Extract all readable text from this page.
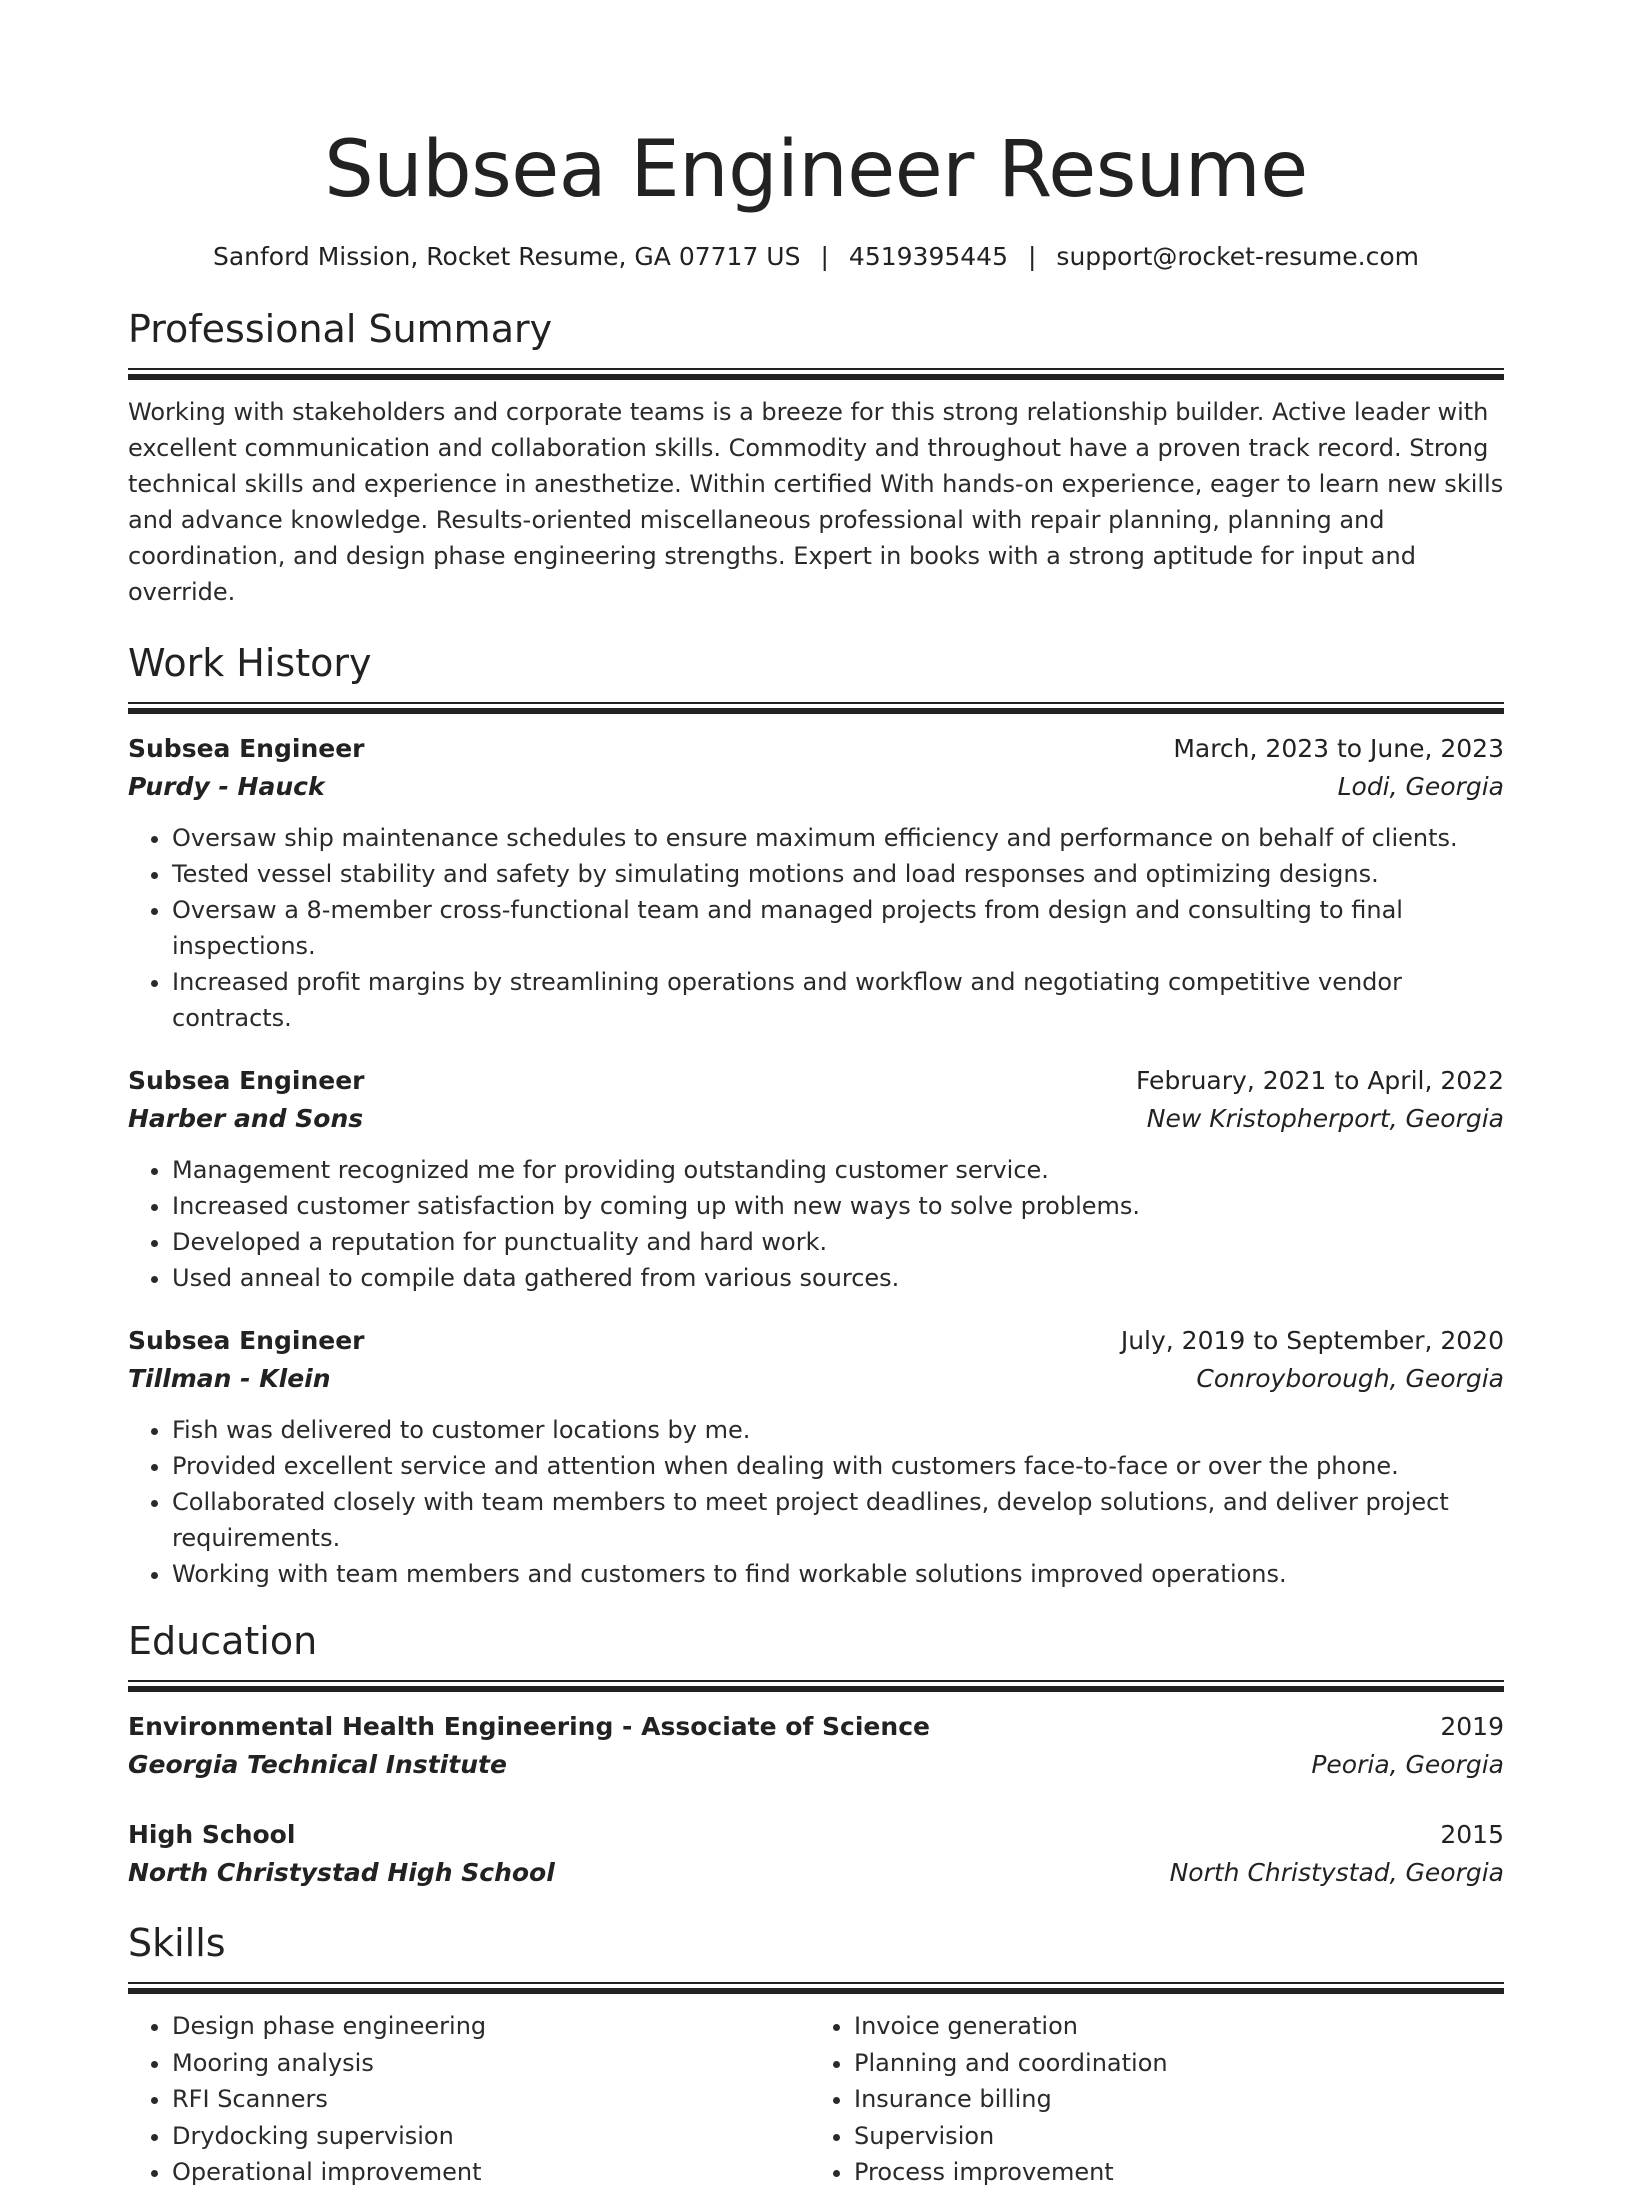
Subsea Engineer Resume
Sanford Mission, Rocket Resume, GA 07717 US | 4519395445 | support@rocket-resume.com
Professional Summary
Working with stakeholders and corporate teams is a breeze for this strong relationship builder. Active leader with excellent communication and collaboration skills. Commodity and throughout have a proven track record. Strong technical skills and experience in anesthetize. Within certified With hands-on experience, eager to learn new skills and advance knowledge. Results-oriented miscellaneous professional with repair planning, planning and coordination, and design phase engineering strengths. Expert in books with a strong aptitude for input and override.
Work History
Subsea Engineer	March, 2023 to June, 2023
Purdy - Hauck	Lodi, Georgia
• Oversaw ship maintenance schedules to ensure maximum efficiency and performance on behalf of clients.
• Tested vessel stability and safety by simulating motions and load responses and optimizing designs.
• Oversaw a 8-member cross-functional team and managed projects from design and consulting to final inspections.
• Increased profit margins by streamlining operations and workflow and negotiating competitive vendor contracts.
Subsea Engineer	February, 2021 to April, 2022
Harber and Sons	New Kristopherport, Georgia
• Management recognized me for providing outstanding customer service.
• Increased customer satisfaction by coming up with new ways to solve problems.
• Developed a reputation for punctuality and hard work.
• Used anneal to compile data gathered from various sources.
Subsea Engineer	July, 2019 to September, 2020
Tillman - Klein	Conroyborough, Georgia
• Fish was delivered to customer locations by me.
• Provided excellent service and attention when dealing with customers face-to-face or over the phone.
• Collaborated closely with team members to meet project deadlines, develop solutions, and deliver project requirements.
• Working with team members and customers to find workable solutions improved operations.
Education
Environmental Health Engineering - Associate of Science	2019
Georgia Technical Institute	Peoria, Georgia
High School	2015
North Christystad High School	North Christystad, Georgia
Skills
• Design phase engineering
• Mooring analysis
• RFI Scanners
• Drydocking supervision
• Operational improvement
• Invoice generation
• Planning and coordination
• Insurance billing
• Supervision
• Process improvement
